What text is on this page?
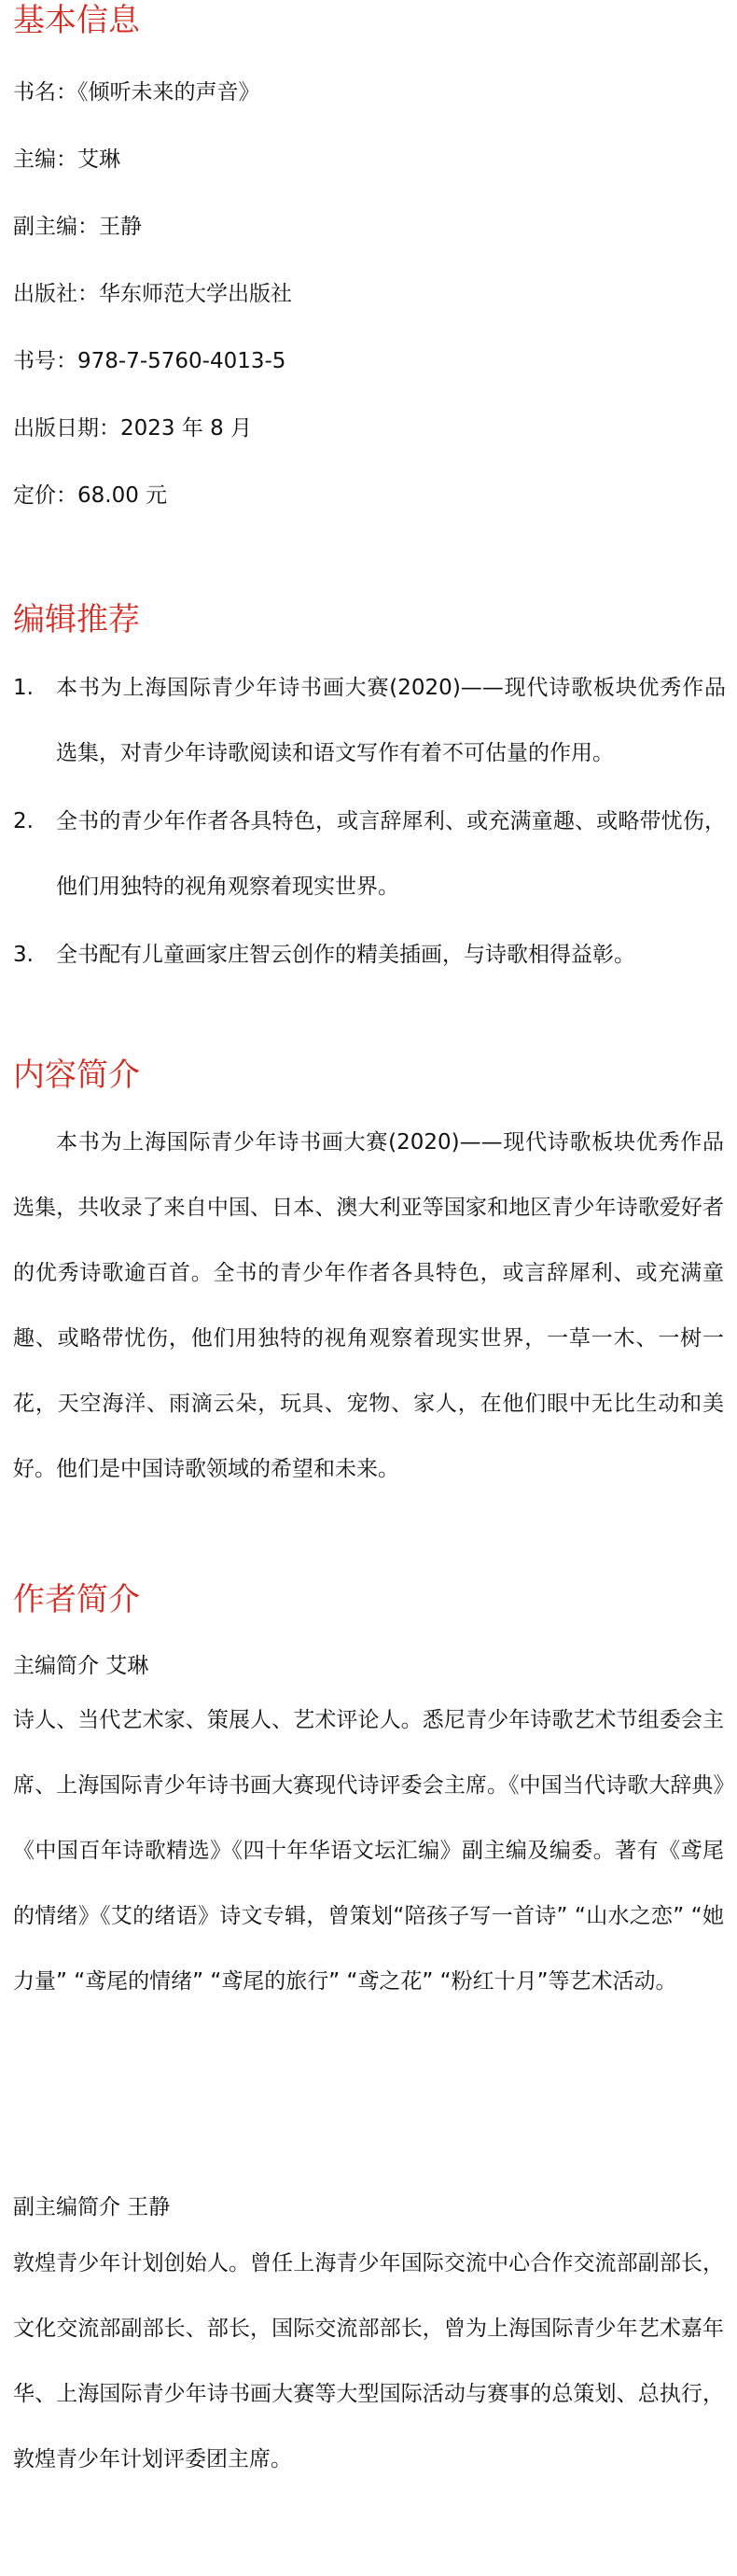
基本信息
书名：《倾听未来的声音》
主编：艾琳
副主编：王静
出版社：华东师范大学出版社
书号：978-7-5760-4013-5
出版日期：2023 年 8 月
定价：68.00 元
编辑推荐
1. 本书为上海国际青少年诗书画大赛(2020)——现代诗歌板块优秀作品选集，对青少年诗歌阅读和语文写作有着不可估量的作用。
2. 全书的青少年作者各具特色，或言辞犀利、或充满童趣、或略带忧伤，他们用独特的视角观察着现实世界。
3. 全书配有儿童画家庄智云创作的精美插画，与诗歌相得益彰。
内容简介
本书为上海国际青少年诗书画大赛(2020)——现代诗歌板块优秀作品选集，共收录了来自中国、日本、澳大利亚等国家和地区青少年诗歌爱好者的优秀诗歌逾百首。全书的青少年作者各具特色，或言辞犀利、或充满童趣、或略带忧伤，他们用独特的视角观察着现实世界，一草一木、一树一花，天空海洋、雨滴云朵，玩具、宠物、家人，在他们眼中无比生动和美好。他们是中国诗歌领域的希望和未来。
作者简介
主编简介 艾琳
诗人、当代艺术家、策展人、艺术评论人。悉尼青少年诗歌艺术节组委会主席、上海国际青少年诗书画大赛现代诗评委会主席。《中国当代诗歌大辞典》《中国百年诗歌精选》《四十年华语文坛汇编》副主编及编委。著有《鸢尾的情绪》《艾的绪语》诗文专辑，曾策划“陪孩子写一首诗” “山水之恋” “她力量” “鸢尾的情绪” “鸢尾的旅行” “鸢之花” “粉红十月”等艺术活动。
副主编简介 王静
敦煌青少年计划创始人。曾任上海青少年国际交流中心合作交流部副部长，文化交流部副部长、部长，国际交流部部长，曾为上海国际青少年艺术嘉年华、上海国际青少年诗书画大赛等大型国际活动与赛事的总策划、总执行，敦煌青少年计划评委团主席。
